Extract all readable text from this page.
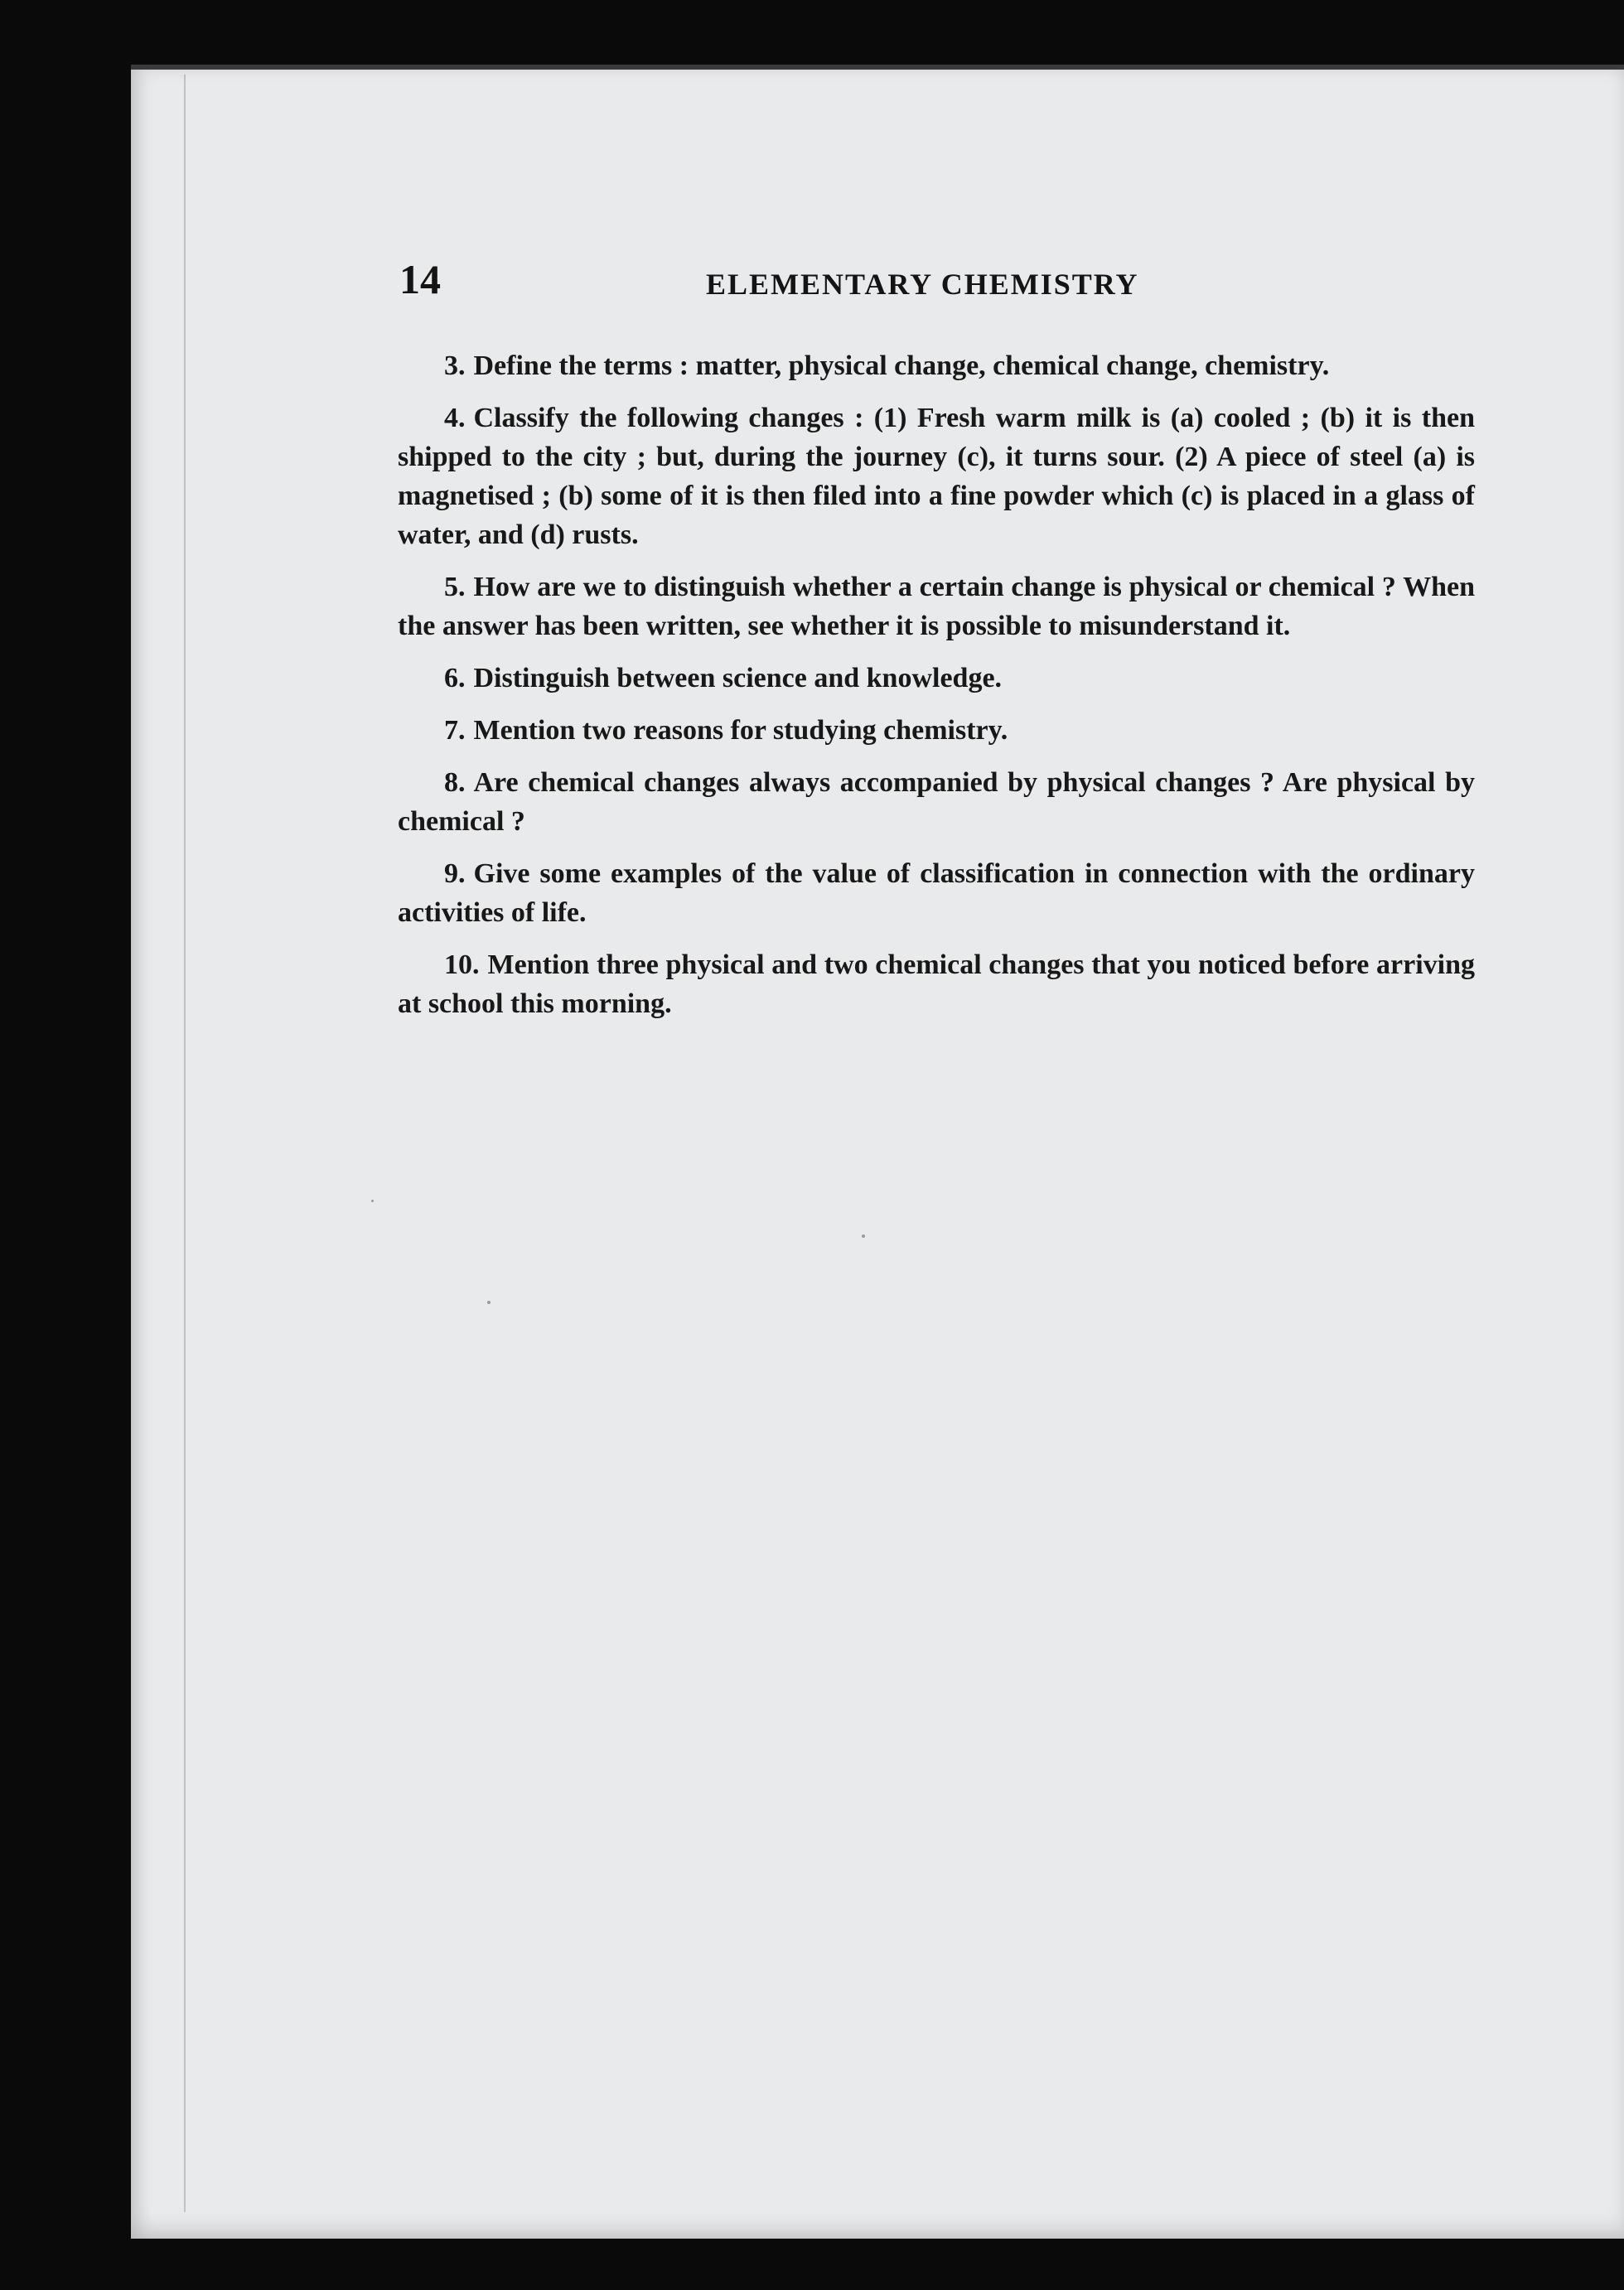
14	ELEMENTARY CHEMISTRY

3. Define the terms : matter, physical change, chemical change, chemistry.

4. Classify the following changes : (1) Fresh warm milk is (a) cooled ; (b) it is then shipped to the city ; but, during the journey (c), it turns sour. (2) A piece of steel (a) is magnetised ; (b) some of it is then filed into a fine powder which (c) is placed in a glass of water, and (d) rusts.

5. How are we to distinguish whether a certain change is physical or chemical ? When the answer has been written, see whether it is possible to misunderstand it.

6. Distinguish between science and knowledge.

7. Mention two reasons for studying chemistry.

8. Are chemical changes always accompanied by physical changes ? Are physical by chemical ?

9. Give some examples of the value of classification in connection with the ordinary activities of life.

10. Mention three physical and two chemical changes that you noticed before arriving at school this morning.
